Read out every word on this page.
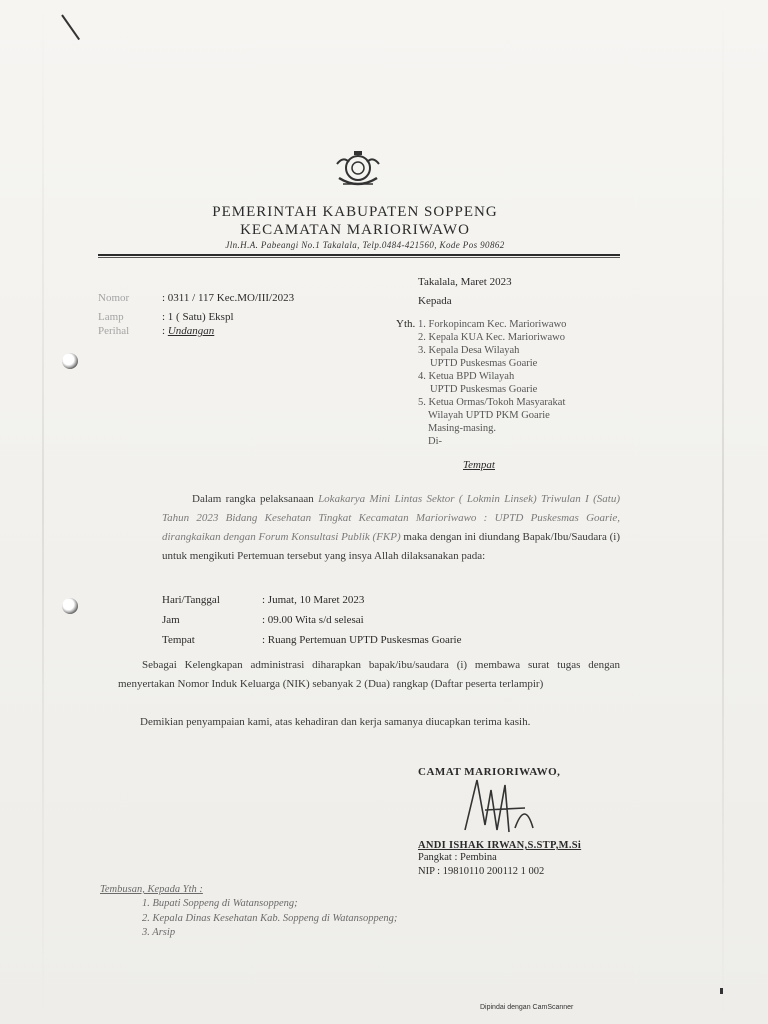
PEMERINTAH KABUPATEN SOPPENG
KECAMATAN MARIORIWAWO
Jln.H.A. Pabeangi No.1 Takalala, Telp.0484-421560, Kode Pos 90862
Takalala, Maret 2023
Kepada
Nomor	: 0311 / 117 Kec.MO/III/2023
Lamp	: 1 ( Satu) Ekspl
Perihal	: Undangan
Yth. 1. Forkopincam Kec. Marioriwawo
2. Kepala KUA Kec. Marioriwawo
3. Kepala Desa Wilayah
UPTD Puskesmas Goarie
4. Ketua BPD Wilayah
UPTD Puskesmas Goarie
5. Ketua Ormas/Tokoh Masyarakat
Wilayah UPTD PKM Goarie
Masing-masing.
Di-
Tempat
Dalam rangka pelaksanaan Lokakarya Mini Lintas Sektor ( Lokmin Linsek) Triwulan I (Satu) Tahun 2023 Bidang Kesehatan Tingkat Kecamatan Marioriwawo : UPTD Puskesmas Goarie, dirangkaikan dengan Forum Konsultasi Publik (FKP) maka dengan ini diundang Bapak/Ibu/Saudara (i) untuk mengikuti Pertemuan tersebut yang insya Allah dilaksanakan pada:
Hari/Tanggal	: Jumat, 10 Maret 2023
Jam	: 09.00 Wita s/d selesai
Tempat	: Ruang Pertemuan UPTD Puskesmas Goarie
Sebagai Kelengkapan administrasi diharapkan bapak/ibu/saudara (i) membawa surat tugas dengan menyertakan Nomor Induk Keluarga (NIK) sebanyak 2 (Dua) rangkap (Daftar peserta terlampir)
Demikian penyampaian kami, atas kehadiran dan kerja samanya diucapkan terima kasih.
CAMAT MARIORIWAWO,
ANDI ISHAK IRWAN,S.STP,M.Si
Pangkat : Pembina
NIP : 19810110 200112 1 002
Tembusan, Kepada Yth :
1. Bupati Soppeng di Watansoppeng;
2. Kepala Dinas Kesehatan Kab. Soppeng di Watansoppeng;
3. Arsip
Dipindai dengan CamScanner
